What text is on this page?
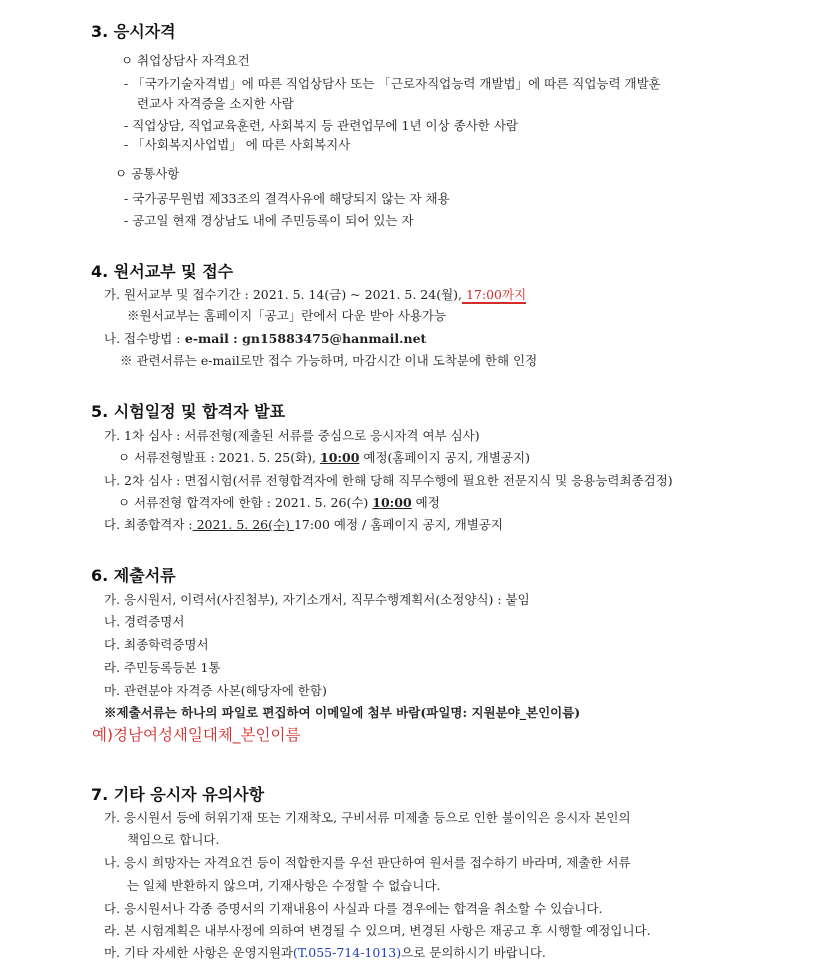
3. 응시자격
ㅇ 취업상담사 자격요건
- 「국가기술자격법」에 따른 직업상담사 또는 「근로자직업능력 개발법」에 따른 직업능력 개발훈
련교사 자격증을 소지한 사람
- 직업상담, 직업교육훈련, 사회복지 등 관련업무에 1년 이상 종사한 사람
- 「사회복지사업법」 에 따른 사회복지사
ㅇ 공통사항
- 국가공무원법 제33조의 결격사유에 해당되지 않는 자 채용
- 공고일 현재 경상남도 내에 주민등록이 되어 있는 자
4. 원서교부 및 접수
가. 원서교부 및 접수기간 : 2021. 5. 14(금) ~ 2021. 5. 24(월), 17:00까지
※원서교부는 홈페이지「공고」란에서 다운 받아 사용가능
나. 접수방법 : e-mail : gn15883475@hanmail.net
※ 관련서류는 e-mail로만 접수 가능하며, 마감시간 이내 도착분에 한해 인정
5. 시험일정 및 합격자 발표
가. 1차 심사 : 서류전형(제출된 서류를 중심으로 응시자격 여부 심사)
ㅇ 서류전형발표 : 2021. 5. 25(화), 10:00 예정(홈페이지 공지, 개별공지)
나. 2차 심사 : 면접시험(서류 전형합격자에 한해 당해 직무수행에 필요한 전문지식 및 응용능력최종검정)
ㅇ 서류전형 합격자에 한함 : 2021. 5. 26(수) 10:00 예정
다. 최종합격자 : 2021. 5. 26(수) 17:00 예정 / 홈페이지 공지, 개별공지
6. 제출서류
가. 응시원서, 이력서(사진첨부), 자기소개서, 직무수행계획서(소정양식) : 붙임
나. 경력증명서
다. 최종학력증명서
라. 주민등록등본 1통
마. 관련분야 자격증 사본(해당자에 한함)
※제출서류는 하나의 파일로 편집하여 이메일에 첨부 바람(파일명: 지원분야_본인이름)
예)경남여성새일대체_본인이름
7. 기타 응시자 유의사항
가. 응시원서 등에 허위기재 또는 기재착오, 구비서류 미제출 등으로 인한 불이익은 응시자 본인의
책임으로 합니다.
나. 응시 희망자는 자격요건 등이 적합한지를 우선 판단하여 원서를 접수하기 바라며, 제출한 서류
는 일체 반환하지 않으며, 기재사항은 수정할 수 없습니다.
다. 응시원서나 각종 증명서의 기재내용이 사실과 다를 경우에는 합격을 취소할 수 있습니다.
라. 본 시험계획은 내부사정에 의하여 변경될 수 있으며, 변경된 사항은 재공고 후 시행할 예정입니다.
마. 기타 자세한 사항은 운영지원과(T.055-714-1013)으로 문의하시기 바랍니다.
